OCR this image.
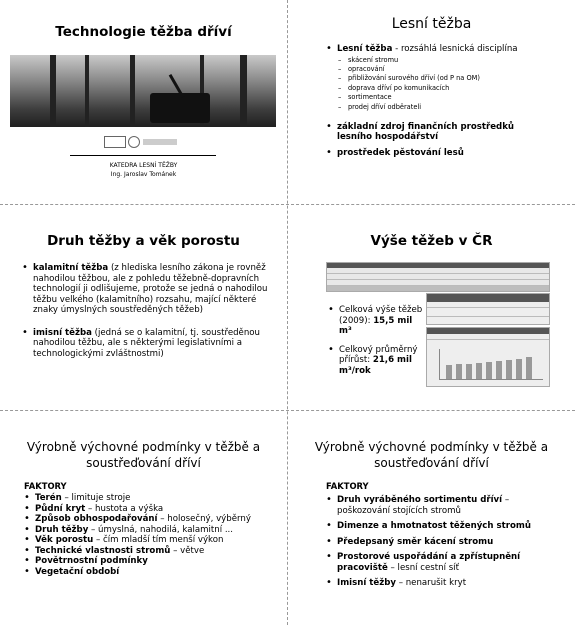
Technologie těžba dříví
KATEDRA LESNÍ TĚŽBY
Ing. Jaroslav Tománek
Lesní těžba
• Lesní těžba - rozsáhlá lesnická disciplína
– skácení stromu
– opracování
– přibližování surového dříví (od P na OM)
– doprava dříví po komunikacích
– sortimentace
– prodej dříví odběrateli
• základní zdroj finančních prostředků lesního hospodářství
• prostředek pěstování lesů
Druh těžby a věk porostu
• kalamitní těžba (z hlediska lesního zákona je rovněž nahodilou těžbou, ale z pohledu těžebně-dopravních technologií ji odlišujeme, protože se jedná o nahodilou těžbu velkého (kalamitního) rozsahu, mající některé znaky úmyslných soustředěných těžeb)
• imisní těžba (jedná se o kalamitní, tj. soustředěnou nahodilou těžbu, ale s některými legislativními a technologickými zvláštnostmi)
Výše těžeb v ČR
• Celková výše těžeb (2009): 15,5 mil m³
• Celkový průměrný přírůst: 21,6 mil m³/rok
Výrobně výchovné podmínky v těžbě a soustřeďování dříví
FAKTORY
• Terén – limituje stroje
• Půdní kryt – hustota a výška
• Způsob obhospodařování – holosečný, výběrný
• Druh těžby – úmyslná, nahodilá, kalamitní ...
• Věk porostu – čím mladší tím menší výkon
• Technické vlastnosti stromů – větve
• Povětrnostní podmínky
• Vegetační období
Výrobně výchovné podmínky v těžbě a soustřeďování dříví
FAKTORY
• Druh vyráběného sortimentu dříví – poškozování stojících stromů
• Dimenze a hmotnatost těžených stromů
• Předepsaný směr kácení stromu
• Prostorové uspořádání a zpřístupnění pracoviště – lesní cestní síť
• Imisní těžby – nenarušit kryt
